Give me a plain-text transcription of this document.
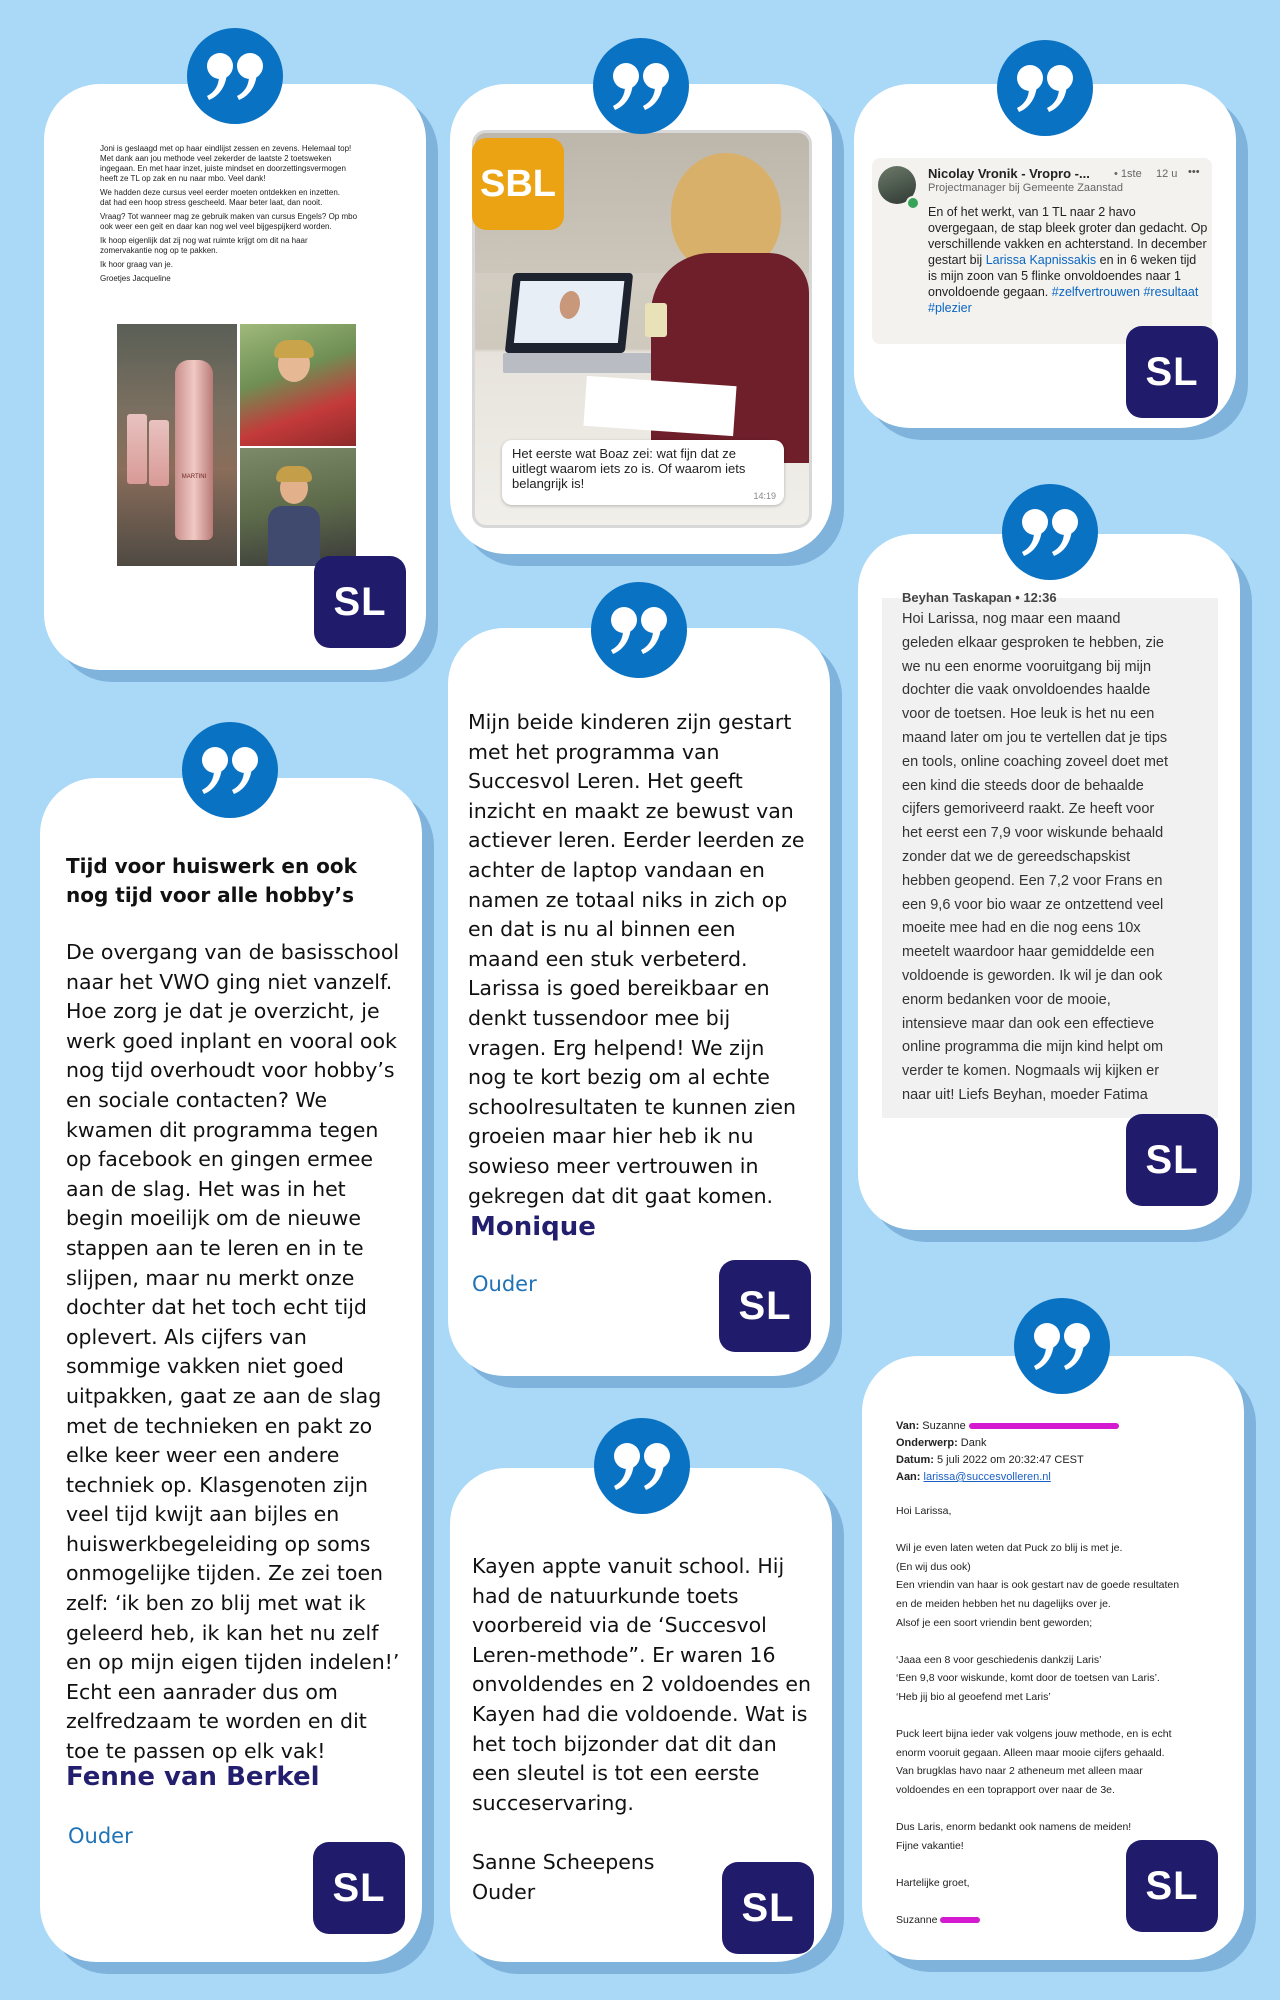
Joni is geslaagd met op haar eindlijst zessen en zevens. Helemaal top!
Met dank aan jou methode veel zekerder de laatste 2 toetsweken
ingegaan. En met haar inzet, juiste mindset en doorzettingsvermogen
heeft ze TL op zak en nu naar mbo. Veel dank!
We hadden deze cursus veel eerder moeten ontdekken en inzetten.
dat had een hoop stress gescheeld. Maar beter laat, dan nooit.
Vraag? Tot wanneer mag ze gebruik maken van cursus Engels? Op mbo
ook weer een geit en daar kan nog wel veel bijgespijkerd worden.
Ik hoop eigenlijk dat zij nog wat ruimte krijgt om dit na haar
zomervakantie nog op te pakken.
Ik hoor graag van je.
Groetjes Jacqueline
MARTINI
SL
SBL
Het eerste wat Boaz zei: wat fijn dat ze uitlegt waarom iets zo is. Of waarom iets belangrijk is!
14:19
Nicolay Vronik - Vropro -... • 1ste 12 u •••
Projectmanager bij Gemeente Zaanstad
En of het werkt, van 1 TL naar 2 havo overgegaan, de stap bleek groter dan gedacht. Op verschillende vakken en achterstand. In december gestart bij Larissa Kapnissakis en in 6 weken tijd is mijn zoon van 5 flinke onvoldoendes naar 1 onvoldoende gegaan. #zelfvertrouwen #resultaat #plezier
SL
Beyhan Taskapan • 12:36
Hoi Larissa, nog maar een maand
geleden elkaar gesproken te hebben, zie
we nu een enorme vooruitgang bij mijn
dochter die vaak onvoldoendes haalde
voor de toetsen. Hoe leuk is het nu een
maand later om jou te vertellen dat je tips
en tools, online coaching zoveel doet met
een kind die steeds door de behaalde
cijfers gemoriveerd raakt. Ze heeft voor
het eerst een 7,9 voor wiskunde behaald
zonder dat we de gereedschapskist
hebben geopend. Een 7,2 voor Frans en
een 9,6 voor bio waar ze ontzettend veel
moeite mee had en die nog eens 10x
meetelt waardoor haar gemiddelde een
voldoende is geworden. Ik wil je dan ook
enorm bedanken voor de mooie,
intensieve maar dan ook een effectieve
online programma die mijn kind helpt om
verder te komen. Nogmaals wij kijken er
naar uit! Liefs Beyhan, moeder Fatima
SL
Tijd voor huiswerk en ook nog tijd voor alle hobby’s
De overgang van de basisschool naar het VWO ging niet vanzelf. Hoe zorg je dat je overzicht, je werk goed inplant en vooral ook nog tijd overhoudt voor hobby’s en sociale contacten? We kwamen dit programma tegen op facebook en gingen ermee aan de slag. Het was in het begin moeilijk om de nieuwe stappen aan te leren en in te slijpen, maar nu merkt onze dochter dat het toch echt tijd oplevert. Als cijfers van sommige vakken niet goed uitpakken, gaat ze aan de slag met de technieken en pakt zo elke keer weer een andere techniek op. Klasgenoten zijn veel tijd kwijt aan bijles en huiswerkbegeleiding op soms onmogelijke tijden. Ze zei toen zelf: ‘ik ben zo blij met wat ik geleerd heb, ik kan het nu zelf en op mijn eigen tijden indelen!’ Echt een aanrader dus om zelfredzaam te worden en dit toe te passen op elk vak!
Fenne van Berkel
Ouder
SL
Mijn beide kinderen zijn gestart met het programma van Succesvol Leren. Het geeft inzicht en maakt ze bewust van actiever leren. Eerder leerden ze achter de laptop vandaan en namen ze totaal niks in zich op en dat is nu al binnen een maand een stuk verbeterd. Larissa is goed bereikbaar en denkt tussendoor mee bij vragen. Erg helpend! We zijn nog te kort bezig om al echte schoolresultaten te kunnen zien groeien maar hier heb ik nu sowieso meer vertrouwen in gekregen dat dit gaat komen.
Monique
Ouder	SL
Kayen appte vanuit school. Hij had de natuurkunde toets voorbereid via de ‘Succesvol Leren-methode”. Er waren 16 onvoldendes en 2 voldoendes en Kayen had die voldoende. Wat is het toch bijzonder dat dit dan een sleutel is tot een eerste succeservaring.
Sanne Scheepens
Ouder	SL
Van: Suzanne
Onderwerp: Dank
Datum: 5 juli 2022 om 20:32:47 CEST
Aan: larissa@succesvolleren.nl
Hoi Larissa,
Wil je even laten weten dat Puck zo blij is met je.
(En wij dus ook)
Een vriendin van haar is ook gestart nav de goede resultaten
en de meiden hebben het nu dagelijks over je.
Alsof je een soort vriendin bent geworden;
‘Jaaa een 8 voor geschiedenis dankzij Laris’
‘Een 9,8 voor wiskunde, komt door de toetsen van Laris’.
‘Heb jij bio al geoefend met Laris’
Puck leert bijna ieder vak volgens jouw methode, en is echt
enorm vooruit gegaan. Alleen maar mooie cijfers gehaald.
Van brugklas havo naar 2 atheneum met alleen maar
voldoendes en een toprapport over naar de 3e.
Dus Laris, enorm bedankt ook namens de meiden!
Fijne vakantie!
Hartelijke groet,
Suzanne
SL
